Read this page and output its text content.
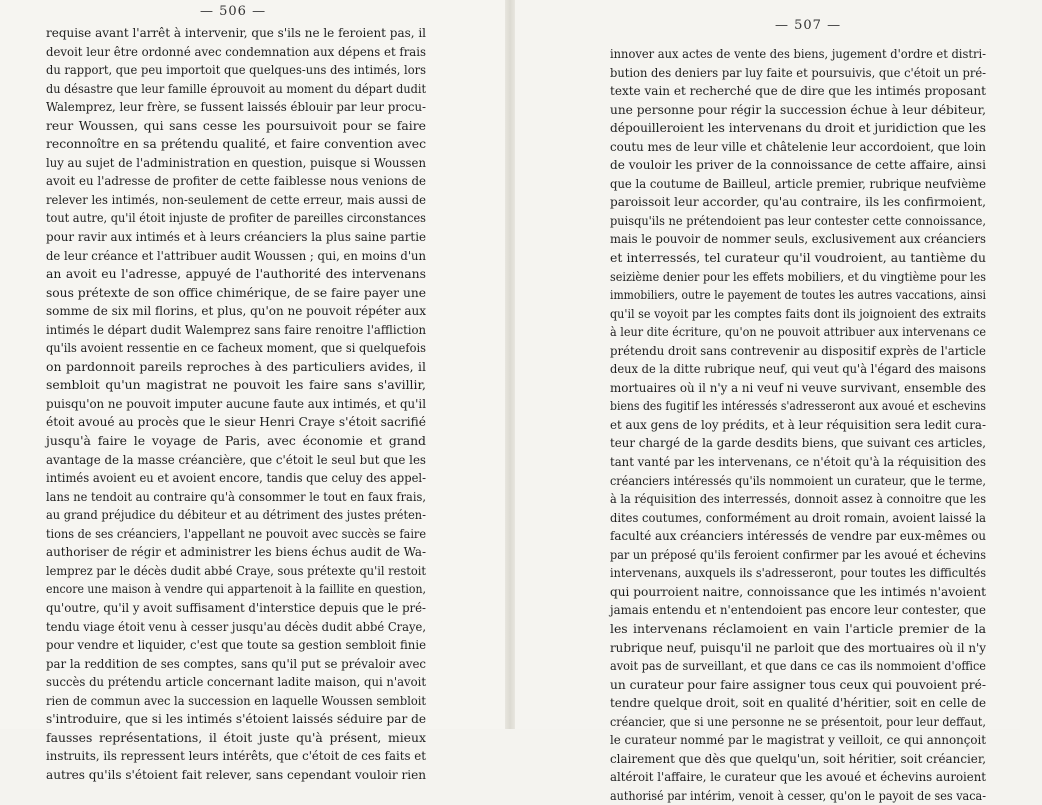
— 506 —
requise avant l'arrêt à intervenir, que s'ils ne le feroient pas, il
devoit leur être ordonné avec condemnation aux dépens et frais
du rapport, que peu importoit que quelques-uns des intimés, lors
du désastre que leur famille éprouvoit au moment du départ dudit
Walemprez, leur frère, se fussent laissés éblouir par leur procu-
reur Woussen, qui sans cesse les poursuivoit pour se faire
reconnoître en sa prétendu qualité, et faire convention avec
luy au sujet de l'administration en question, puisque si Woussen
avoit eu l'adresse de profiter de cette faiblesse nous venions de
relever les intimés, non-seulement de cette erreur, mais aussi de
tout autre, qu'il étoit injuste de profiter de pareilles circonstances
pour ravir aux intimés et à leurs créanciers la plus saine partie
de leur créance et l'attribuer audit Woussen ; qui, en moins d'un
an avoit eu l'adresse, appuyé de l'authorité des intervenans
sous prétexte de son office chimérique, de se faire payer une
somme de six mil florins, et plus, qu'on ne pouvoit répéter aux
intimés le départ dudit Walemprez sans faire renoitre l'affliction
qu'ils avoient ressentie en ce facheux moment, que si quelquefois
on pardonnoit pareils reproches à des particuliers avides, il
sembloit qu'un magistrat ne pouvoit les faire sans s'avillir,
puisqu'on ne pouvoit imputer aucune faute aux intimés, et qu'il
étoit avoué au procès que le sieur Henri Craye s'étoit sacrifié
jusqu'à faire le voyage de Paris, avec économie et grand
avantage de la masse créancière, que c'étoit le seul but que les
intimés avoient eu et avoient encore, tandis que celuy des appel-
lans ne tendoit au contraire qu'à consommer le tout en faux frais,
au grand préjudice du débiteur et au détriment des justes préten-
tions de ses créanciers, l'appellant ne pouvoit avec succès se faire
authoriser de régir et administrer les biens échus audit de Wa-
lemprez par le décès dudit abbé Craye, sous prétexte qu'il restoit
encore une maison à vendre qui appartenoit à la faillite en question,
qu'outre, qu'il y avoit suffisament d'interstice depuis que le pré-
tendu viage étoit venu à cesser jusqu'au décès dudit abbé Craye,
pour vendre et liquider, c'est que toute sa gestion sembloit finie
par la reddition de ses comptes, sans qu'il put se prévaloir avec
succès du prétendu article concernant ladite maison, qui n'avoit
rien de commun avec la succession en laquelle Woussen sembloit
s'introduire, que si les intimés s'étoient laissés séduire par de
fausses représentations, il étoit juste qu'à présent, mieux
instruits, ils repressent leurs intérêts, que c'étoit de ces faits et
autres qu'ils s'étoient fait relever, sans cependant vouloir rien
— 507 —
innover aux actes de vente des biens, jugement d'ordre et distri-
bution des deniers par luy faite et poursuivis, que c'étoit un pré-
texte vain et recherché que de dire que les intimés proposant
une personne pour régir la succession échue à leur débiteur,
dépouilleroient les intervenans du droit et juridiction que les
coutu mes de leur ville et châtelenie leur accordoient, que loin
de vouloir les priver de la connoissance de cette affaire, ainsi
que la coutume de Bailleul, article premier, rubrique neufvième
paroissoit leur accorder, qu'au contraire, ils les confirmoient,
puisqu'ils ne prétendoient pas leur contester cette connoissance,
mais le pouvoir de nommer seuls, exclusivement aux créanciers
et interressés, tel curateur qu'il voudroient, au tantième du
seizième denier pour les effets mobiliers, et du vingtième pour les
immobiliers, outre le payement de toutes les autres vaccations, ainsi
qu'il se voyoit par les comptes faits dont ils joignoient des extraits
à leur dite écriture, qu'on ne pouvoit attribuer aux intervenans ce
prétendu droit sans contrevenir au dispositif exprès de l'article
deux de la ditte rubrique neuf, qui veut qu'à l'égard des maisons
mortuaires où il n'y a ni veuf ni veuve survivant, ensemble des
biens des fugitif les intéressés s'adresseront aux avoué et eschevins
et aux gens de loy prédits, et à leur réquisition sera ledit cura-
teur chargé de la garde desdits biens, que suivant ces articles,
tant vanté par les intervenans, ce n'étoit qu'à la réquisition des
créanciers intéressés qu'ils nommoient un curateur, que le terme,
à la réquisition des interressés, donnoit assez à connoitre que les
dites coutumes, conformément au droit romain, avoient laissé la
faculté aux créanciers intéressés de vendre par eux-mêmes ou
par un préposé qu'ils feroient confirmer par les avoué et échevins
intervenans, auxquels ils s'adresseront, pour toutes les difficultés
qui pourroient naitre, connoissance que les intimés n'avoient
jamais entendu et n'entendoient pas encore leur contester, que
les intervenans réclamoient en vain l'article premier de la
rubrique neuf, puisqu'il ne parloit que des mortuaires où il n'y
avoit pas de surveillant, et que dans ce cas ils nommoient d'office
un curateur pour faire assigner tous ceux qui pouvoient pré-
tendre quelque droit, soit en qualité d'héritier, soit en celle de
créancier, que si une personne ne se présentoit, pour leur deffaut,
le curateur nommé par le magistrat y veilloit, ce qui annonçoit
clairement que dès que quelqu'un, soit héritier, soit créancier,
altéroit l'affaire, le curateur que les avoué et échevins auroient
authorisé par intérim, venoit à cesser, qu'on le payoit de ses vaca-
